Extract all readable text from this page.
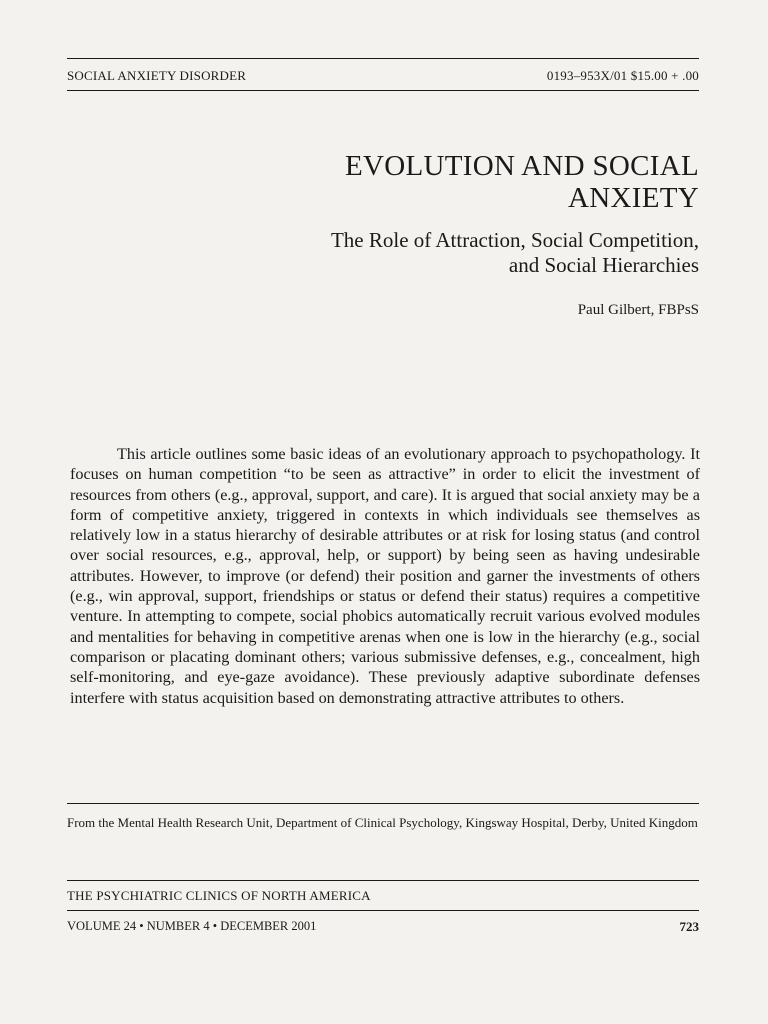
SOCIAL ANXIETY DISORDER	0193–953X/01 $15.00 + .00
EVOLUTION AND SOCIAL
ANXIETY
The Role of Attraction, Social Competition,
and Social Hierarchies
Paul Gilbert, FBPsS

This article outlines some basic ideas of an evolutionary approach to psychopathology. It focuses on human competition “to be seen as attractive” in order to elicit the investment of resources from others (e.g., approval, support, and care). It is argued that social anxiety may be a form of competitive anxiety, triggered in contexts in which individuals see themselves as relatively low in a status hierarchy of desirable attributes or at risk for losing status (and control over social resources, e.g., approval, help, or support) by being seen as having undesirable attributes. However, to improve (or defend) their position and garner the investments of others (e.g., win approval, support, friendships or status or defend their status) requires a competitive venture. In attempting to compete, social phobics automatically recruit various evolved modules and mentalities for behaving in competitive arenas when one is low in the hierarchy (e.g., social comparison or placating dominant others; various submissive defenses, e.g., concealment, high self-monitoring, and eye-gaze avoidance). These previously adaptive subordinate defenses interfere with status acquisition based on demonstrating attractive attributes to others.

From the Mental Health Research Unit, Department of Clinical Psychology, Kingsway Hospital, Derby, United Kingdom
THE PSYCHIATRIC CLINICS OF NORTH AMERICA
VOLUME 24 • NUMBER 4 • DECEMBER 2001	723
